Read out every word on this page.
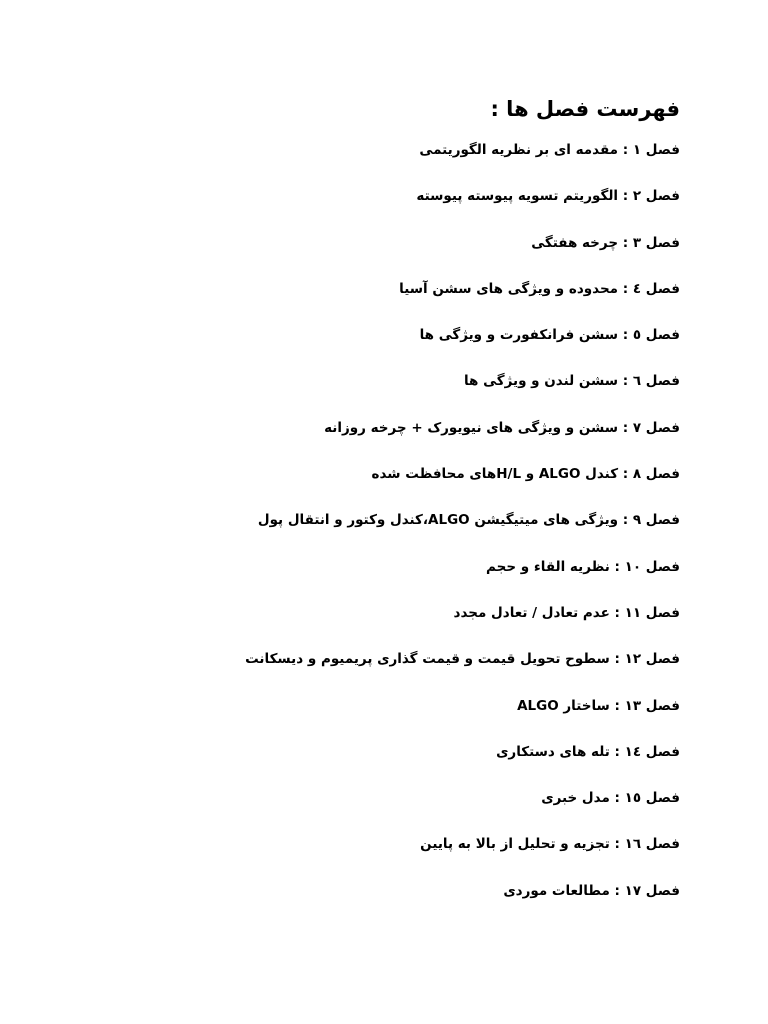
فهرست فصل ها :
فصل ۱ : مقدمه ای بر نظریه الگوریتمی
فصل ۲ : الگوریتم تسویه پیوسته پیوسته
فصل ۳ : چرخه هفتگی
فصل ٤ : محدوده و ویژگی های سشن آسیا
فصل ٥ : سشن فرانکفورت و ویژگی ها
فصل ٦ : سشن لندن و ویژگی ها
فصل ۷ : سشن و ویژگی های نیویورک + چرخه روزانه
فصل ۸ : کندل ALGO و H/Lهای محافظت شده
فصل ۹ : ویژگی های میتیگیشن ALGO،کندل وکتور و انتقال پول
فصل ۱۰ : نظریه القاء و حجم
فصل ۱۱ : عدم تعادل / تعادل مجدد
فصل ۱۲ : سطوح تحویل قیمت و قیمت گذاری پریمیوم و دیسکانت
فصل ۱۳ : ساختار ALGO
فصل ١٤ : تله های دستکاری
فصل ١٥ : مدل خبری
فصل ١٦ : تجزیه و تحلیل از بالا به پایین
فصل ۱۷ : مطالعات موردی
